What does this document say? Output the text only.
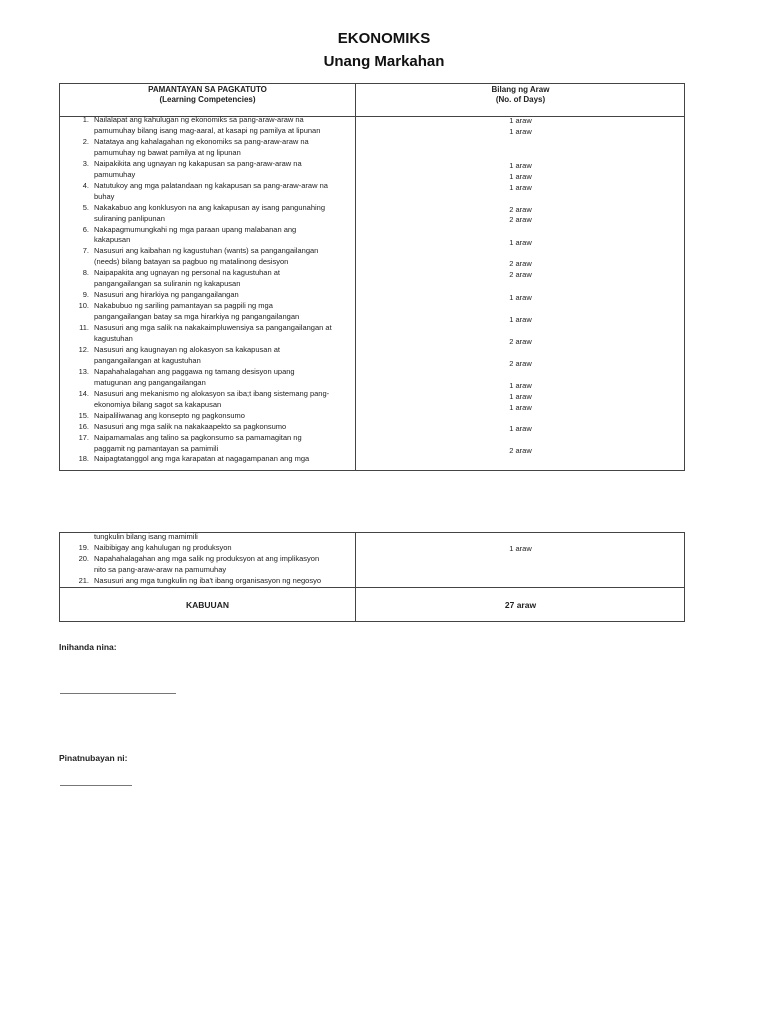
EKONOMIKS
Unang Markahan
PAMANTAYAN SA PAGKATUTO
(Learning Competencies)
Bilang ng Araw
(No. of Days)
1. Nailalapat ang kahulugan ng ekonomiks sa pang-araw-araw na
pamumuhay bilang isang mag-aaral, at kasapi ng pamilya at lipunan
2. Natataya ang kahalagahan ng ekonomiks sa pang-araw-araw na
pamumuhay ng bawat pamilya at ng lipunan
3. Naipakikita ang ugnayan ng kakapusan sa pang-araw-araw na
pamumuhay
4. Natutukoy ang mga palatandaan ng kakapusan sa pang-araw-araw na
buhay
5. Nakakabuo ang konklusyon na ang kakapusan ay isang pangunahing
suliraning panlipunan
6. Nakapagmumungkahi ng mga paraan upang malabanan ang
kakapusan
7. Nasusuri ang kaibahan ng kagustuhan (wants) sa pangangailangan
(needs) bilang batayan sa pagbuo ng matalinong desisyon
8. Naipapakita ang ugnayan ng personal na kagustuhan at
pangangailangan sa suliranin ng kakapusan
9. Nasusuri ang hirarkiya ng pangangailangan
10. Nakabubuo ng sariling pamantayan sa pagpili ng mga
pangangailangan batay sa mga hirarkiya ng pangangailangan
11. Nasusuri ang mga salik na nakakaimpluwensiya sa pangangailangan at
kagustuhan
12. Nasusuri ang kaugnayan ng alokasyon sa kakapusan at
pangangailangan at kagustuhan
13. Napahahalagahan ang paggawa ng tamang desisyon upang
matugunan ang pangangailangan
14. Nasusuri ang mekanismo ng alokasyon sa iba;t ibang sistemang pang-
ekonomiya bilang sagot sa kakapusan
15. Naipaliliwanag ang konsepto ng pagkonsumo
16. Nasusuri ang mga salik na nakakaapekto sa pagkonsumo
17. Naipamamalas ang talino sa pagkonsumo sa pamamagitan ng
paggamit ng pamantayan sa pamimili
18. Naipagtatanggol ang mga karapatan at nagagampanan ang mga
1 araw
1 araw
1 araw
1 araw
1 araw
2 araw
2 araw
1 araw
2 araw
2 araw
1 araw
1 araw
2 araw
2 araw
1 araw
1 araw
1 araw
1 araw
2 araw
tungkulin bilang isang mamimili
19. Naibibigay ang kahulugan ng produksyon
20. Napahahalagahan ang mga salik ng produksyon at ang implikasyon
nito sa pang-araw-araw na pamumuhay
21. Nasusuri ang mga tungkulin ng iba't ibang organisasyon ng negosyo
1 araw
KABUUAN	27 araw
Inihanda nina:
Pinatnubayan ni:
